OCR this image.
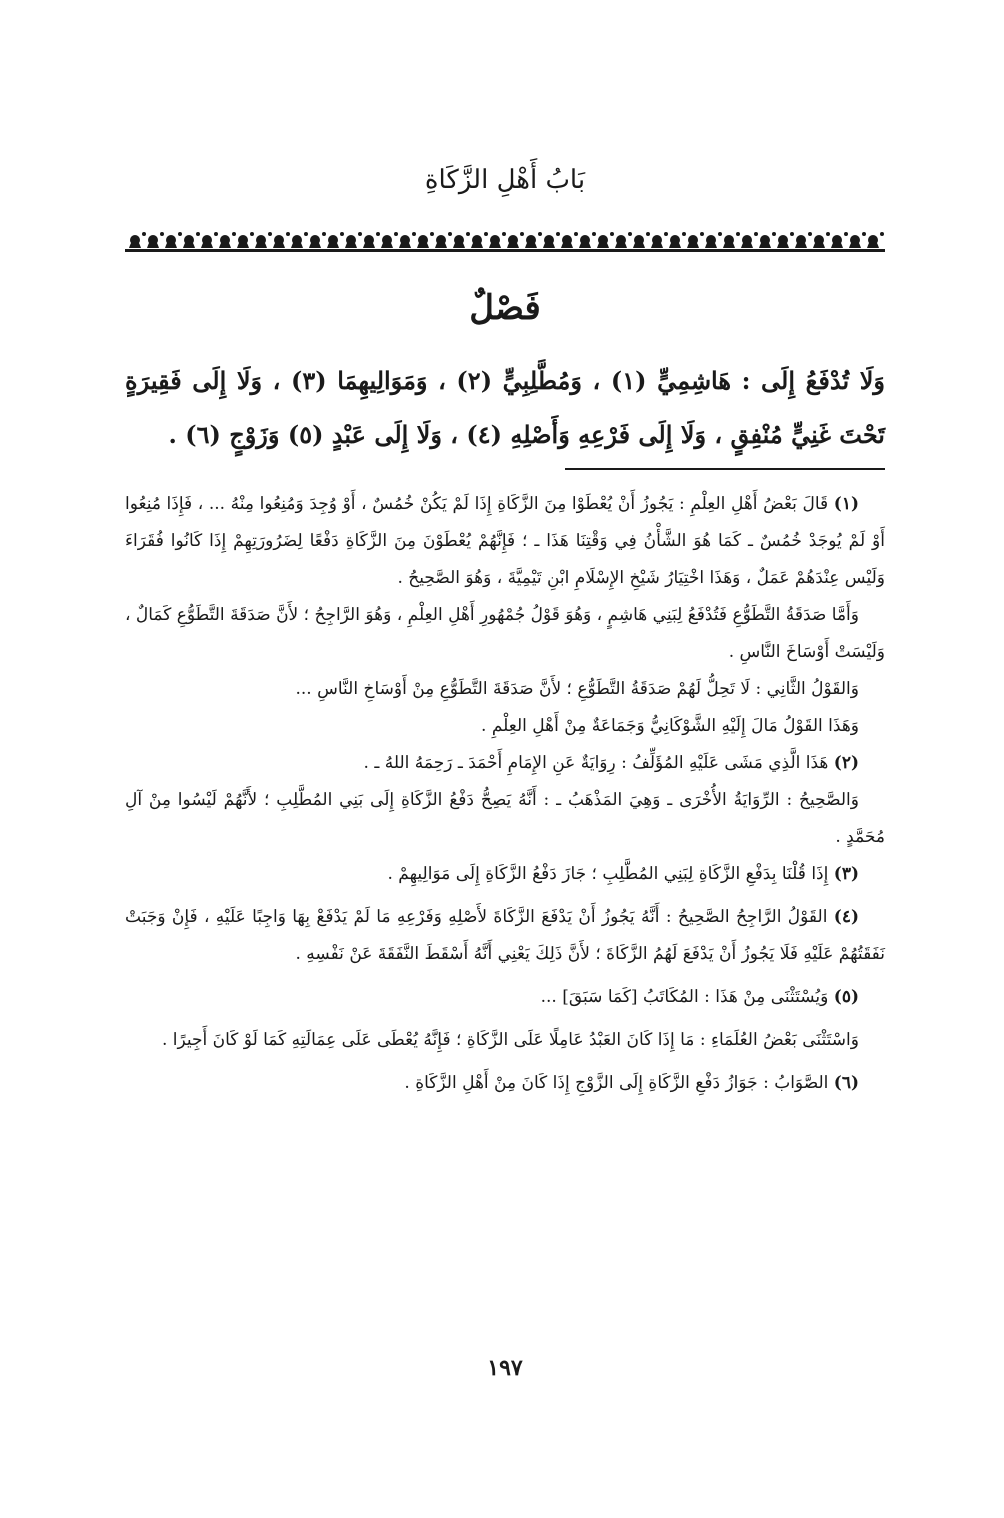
بَابُ أَهْلِ الزَّكَاةِ
فَصْلٌ
وَلَا تُدْفَعُ إِلَى : هَاشِمِيٍّ (١) ، وَمُطَّلِبِيٍّ (٢) ، وَمَوَالِيهِمَا (٣) ، وَلَا إِلَى فَقِيرَةٍ تَحْتَ غَنِيٍّ مُنْفِقٍ ، وَلَا إِلَى فَرْعِهِ وَأَصْلِهِ (٤) ، وَلَا إِلَى عَبْدٍ (٥) وَزَوْجٍ (٦) .

(١) قَالَ بَعْضُ أَهْلِ العِلْمِ : يَجُوزُ أَنْ يُعْطَوْا مِنَ الزَّكَاةِ إِذَا لَمْ يَكُنْ خُمُسٌ ، أَوْ وُجِدَ وَمُنِعُوا مِنْهُ ... ، فَإِذَا مُنِعُوا أَوْ لَمْ يُوجَدْ خُمُسٌ ـ كَمَا هُوَ الشَّأْنُ فِي وَقْتِنَا هَذَا ـ ؛ فَإِنَّهُمْ يُعْطَوْنَ مِنَ الزَّكَاةِ دَفْعًا لِضَرُورَتِهِمْ إِذَا كَانُوا فُقَرَاءَ وَلَيْس عِنْدَهُمْ عَمَلٌ ، وَهَذَا اخْتِيَارُ شَيْخِ الإِسْلَامِ ابْنِ تَيْمِيَّةَ ، وَهُوَ الصَّحِيحُ .

وَأَمَّا صَدَقَةُ التَّطَوُّعِ فَتُدْفَعُ لِبَنِي هَاشِمٍ ، وَهُوَ قَوْلُ جُمْهُورِ أَهْلِ العِلْمِ ، وَهُوَ الرَّاجِحُ ؛ لأَنَّ صَدَقَةَ التَّطَوُّعِ كَمَالٌ ، وَلَيْسَتْ أَوْسَاخَ النَّاسِ .

وَالقَوْلُ الثَّانِي : لَا تَحِلُّ لَهُمْ صَدَقَةُ التَّطَوُّعِ ؛ لأَنَّ صَدَقَةَ التَّطَوُّعِ مِنْ أَوْسَاخِ النَّاسِ ...

وَهَذَا القَوْلُ مَالَ إِلَيْهِ الشَّوْكَانِيُّ وَجَمَاعَةٌ مِنْ أَهْلِ العِلْمِ .

(٢) هَذَا الَّذِي مَشَى عَلَيْهِ المُؤَلِّفُ : رِوَايَةٌ عَنِ الإِمَامِ أَحْمَدَ ـ رَحِمَهُ اللهُ ـ .

وَالصَّحِيحُ : الرِّوَايَةُ الأُخْرَى ـ وَهِيَ المَذْهَبُ ـ : أَنَّهُ يَصِحُّ دَفْعُ الزَّكَاةِ إِلَى بَنِي المُطَّلِبِ ؛ لأَنَّهُمْ لَيْسُوا مِنْ آلِ مُحَمَّدٍ .

(٣) إِذَا قُلْنَا بِدَفْعِ الزَّكَاةِ لِبَنِي المُطَّلِبِ ؛ جَازَ دَفْعُ الزَّكَاةِ إِلَى مَوَالِيهِمْ .

(٤) القَوْلُ الرَّاجِحُ الصَّحِيحُ : أَنَّهُ يَجُوزُ أَنْ يَدْفَعَ الزَّكَاةَ لأَصْلِهِ وَفَرْعِهِ مَا لَمْ يَدْفَعْ بِهَا وَاجِبًا عَلَيْهِ ، فَإِنْ وَجَبَتْ نَفَقَتُهُمْ عَلَيْهِ فَلَا يَجُوزُ أَنْ يَدْفَعَ لَهُمُ الزَّكَاةَ ؛ لأَنَّ ذَلِكَ يَعْنِي أَنَّهُ أَسْقَطَ النَّفَقَةَ عَنْ نَفْسِهِ .

(٥) وَيُسْتَثْنَى مِنْ هَذَا : المُكَاتَبُ [كَمَا سَبَقَ] ...

وَاسْتَثْنَى بَعْضُ العُلَمَاءِ : مَا إِذَا كَانَ العَبْدُ عَامِلًا عَلَى الزَّكَاةِ ؛ فَإِنَّهُ يُعْطَى عَلَى عِمَالَتِهِ كَمَا لَوْ كَانَ أَجِيرًا .

(٦) الصَّوَابُ : جَوَازُ دَفْعِ الزَّكَاةِ إِلَى الزَّوْجِ إِذَا كَانَ مِنْ أَهْلِ الزَّكَاةِ .

١٩٧
